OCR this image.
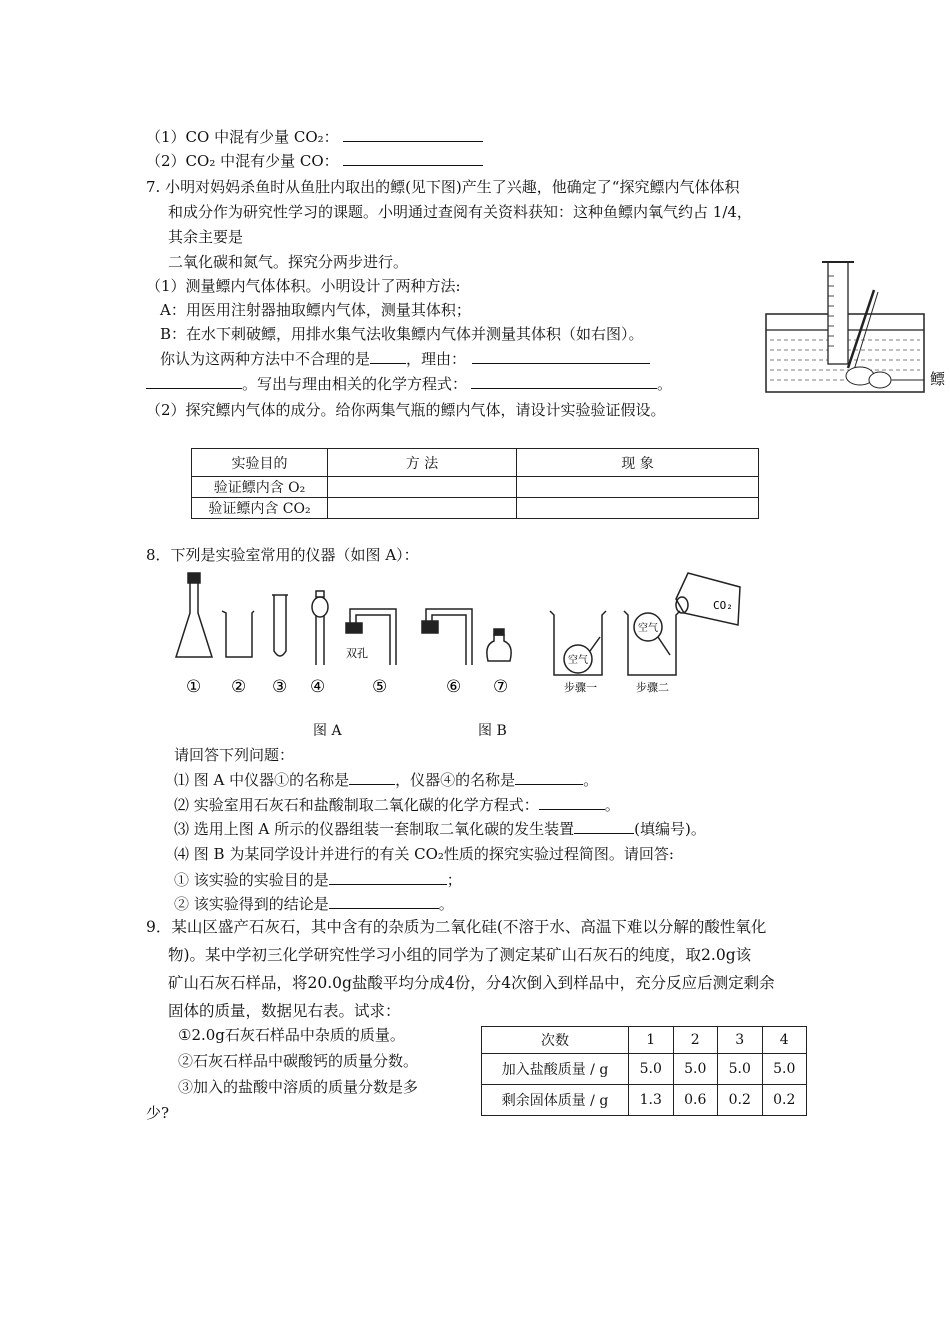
（1）CO 中混有少量 CO₂：
（2）CO₂ 中混有少量 CO：
7. 小明对妈妈杀鱼时从鱼肚内取出的鳔(见下图)产生了兴趣，他确定了“探究鳔内气体体积
和成分作为研究性学习的课题。小明通过查阅有关资料获知：这种鱼鳔内氧气约占 1/4，
其余主要是
二氧化碳和氮气。探究分两步进行。
（1）测量鳔内气体体积。小明设计了两种方法:
A：用医用注射器抽取鳔内气体，测量其体积；
B：在水下刺破鳔，用排水集气法收集鳔内气体并测量其体积（如右图）。
你认为这两种方法中不合理的是 ，理由：
。写出与理由相关的化学方程式：	。
（2）探究鳔内气体的成分。给你两集气瓶的鳔内气体，请设计实验验证假设。
鳔
实验目的	方 法	现 象
验证鳔内含 O₂		
验证鳔内含 CO₂		
8．下列是实验室常用的仪器（如图 A）：
CO₂
空气
空气
双孔
① ② ③ ④	⑤	⑥ ⑦	步骤一	步骤二
图 A	图 B
请回答下列问题：
⑴ 图 A 中仪器①的名称是	，仪器④的名称是	。
⑵ 实验室用石灰石和盐酸制取二氧化碳的化学方程式：	。
⑶ 选用上图 A 所示的仪器组装一套制取二氧化碳的发生装置	(填编号)。
⑷ 图 B 为某同学设计并进行的有关 CO₂性质的探究实验过程简图。请回答:
① 该实验的实验目的是	；
② 该实验得到的结论是	。
9．某山区盛产石灰石，其中含有的杂质为二氧化硅(不溶于水、高温下难以分解的酸性氧化
物)。某中学初三化学研究性学习小组的同学为了测定某矿山石灰石的纯度，取2.0g该
矿山石灰石样品，将20.0g盐酸平均分成4份，分4次倒入到样品中，充分反应后测定剩余
固体的质量，数据见右表。试求：
①2.0g石灰石样品中杂质的质量。
②石灰石样品中碳酸钙的质量分数。
③加入的盐酸中溶质的质量分数是多
少?
次数	1	2	3	4
加入盐酸质量 / g	5.0	5.0	5.0	5.0
剩余固体质量 / g	1.3	0.6	0.2	0.2
